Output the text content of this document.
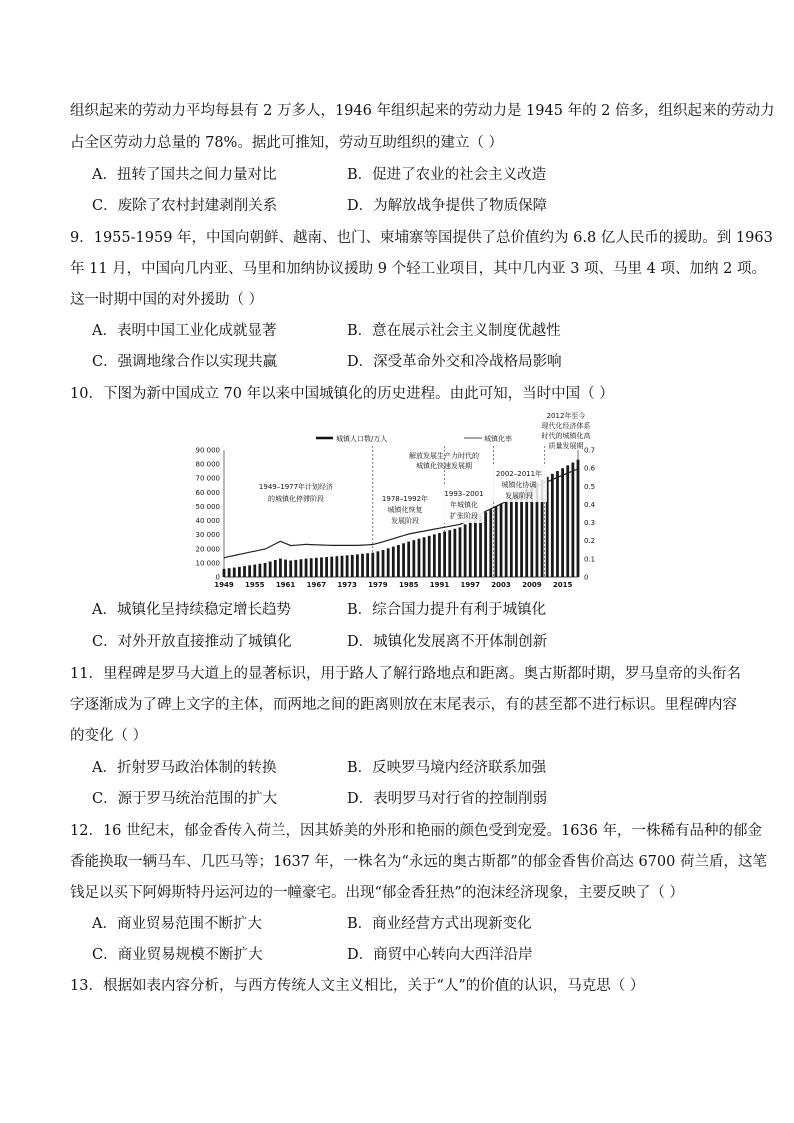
组织起来的劳动力平均每县有 2 万多人，1946 年组织起来的劳动力是 1945 年的 2 倍多，组织起来的劳动力
占全区劳动力总量的 78%。据此可推知，劳动互助组织的建立（ ）
A．扭转了国共之间力量对比	B．促进了农业的社会主义改造
C．废除了农村封建剥削关系	D．为解放战争提供了物质保障
9．1955-1959 年，中国向朝鲜、越南、也门、柬埔寨等国提供了总价值约为 6.8 亿人民币的援助。到 1963
年 11 月，中国向几内亚、马里和加纳协议援助 9 个轻工业项目，其中几内亚 3 项、马里 4 项、加纳 2 项。
这一时期中国的对外援助（ ）
A．表明中国工业化成就显著	B．意在展示社会主义制度优越性
C．强调地缘合作以实现共赢	D．深受革命外交和冷战格局影响
10．下图为新中国成立 70 年以来中国城镇化的历史进程。由此可知，当时中国（ ）
90 000
80 000
70 000
60 000
50 000
40 000
30 000
20 000
10 000
0
0.7
0.6
0.5
0.4
0.3
0.2
0.1
0
1949 1955 1961 1967 1973 1979 1985 1991 1997 2003 2009 2015
城镇人口数/万人	城镇化率
1949–1977年计划经济
的城镇化停滞阶段	1978–1992年
城镇化恢复
发展阶段
1993–2001
年城镇化
扩张阶段
2002–2011年
城镇化协调
发展阶段
解放发展生产力时代的
城镇化快速发展期
2012年至今
现代化经济体系
时代的城镇化高
质量发展期
A．城镇化呈持续稳定增长趋势	B．综合国力提升有利于城镇化
C．对外开放直接推动了城镇化	D．城镇化发展离不开体制创新
11．里程碑是罗马大道上的显著标识，用于路人了解行路地点和距离。奥古斯都时期，罗马皇帝的头衔名
字逐渐成为了碑上文字的主体，而两地之间的距离则放在末尾表示，有的甚至都不进行标识。里程碑内容
的变化（ ）
A．折射罗马政治体制的转换	B．反映罗马境内经济联系加强
C．源于罗马统治范围的扩大	D．表明罗马对行省的控制削弱
12．16 世纪末，郁金香传入荷兰，因其娇美的外形和艳丽的颜色受到宠爱。1636 年，一株稀有品种的郁金
香能换取一辆马车、几匹马等；1637 年，一株名为“永远的奥古斯都”的郁金香售价高达 6700 荷兰盾，这笔
钱足以买下阿姆斯特丹运河边的一幢豪宅。出现“郁金香狂热”的泡沫经济现象，主要反映了（ ）
A．商业贸易范围不断扩大	B．商业经营方式出现新变化
C．商业贸易规模不断扩大	D．商贸中心转向大西洋沿岸
13．根据如表内容分析，与西方传统人文主义相比，关于“人”的价值的认识，马克思（ ）
